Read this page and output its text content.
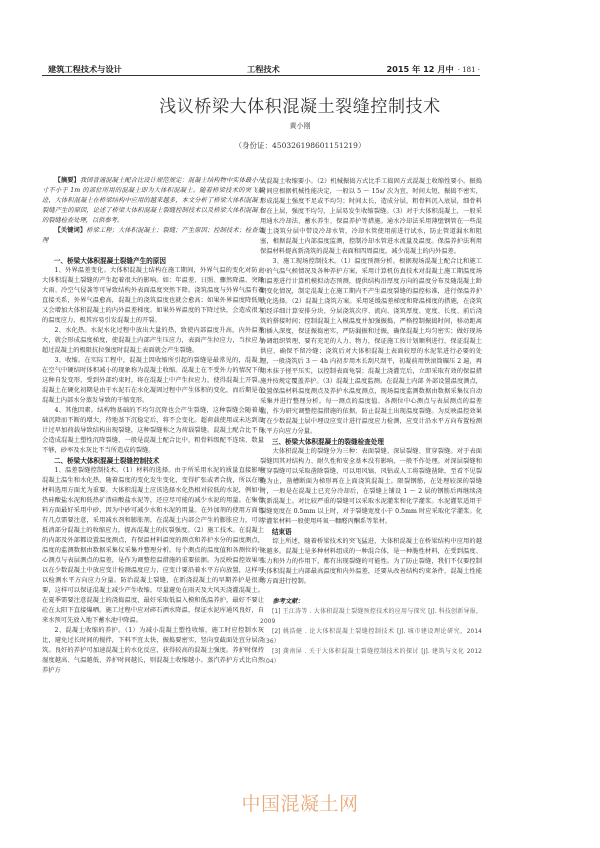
建筑工程技术与设计	工程技术	2015 年 12 月中 · 181 ·
浅议桥梁大体积混凝土裂缝控制技术
黄小刚
（身份证：450326198601151219）

【摘要】我国普通混凝土配合比设计规范规定：混凝土结构物中实体最小尺寸不小于 1m 的部位所用的混凝土即为大体积混凝土。随着桥梁技术的突飞猛进，大体积混凝土在桥梁结构中应用的越来越多，本文分析了桥梁大体积混凝土裂缝产生的原因，论述了桥梁大体积混凝土裂缝控制技术以及桥梁大体积混凝土的裂缝检查处理，以供参考。

【关键词】桥梁工程；大体积混凝土；裂缝；产生原因；控制技术；检查处理

一、桥梁大体积混凝土裂缝产生的原因

1、外界温差变化。大体积混凝土结构在施工期间，外界气温的变化对防止大体积混凝土裂缝的产生起着很大的影响。如：年温差、日照、骤然降温、突降大雨、冷空气侵袭等可导致结构外表面温度突然下降。浇筑温度与外界气温有着直接关系，外界气温愈高，混凝土的浇筑温度也就会愈高；如果外界温度降低则又会增加大体积混凝土的内外温差梯度。如果外界温度的下降过快，会造成很大的温度应力，极其容易引发混凝土的开裂。

2、水化热。水泥水化过程中放出大量的热，致使内部温度升高，内外温差大，就会形成温度梯度，使混凝土内部产生压应力，表面产生拉应力，当拉应力超过混凝土的极限抗拉强度时混凝土表面就会产生裂缝。

3、收缩。在实际工程中，混凝土因收缩所引起的裂缝是最常见的，混凝土在空气中硬结时体积减小的现象称为混凝土收缩。混凝土在不受外力的情况下的这种自发变形，受到外部约束时，将在混凝土中产生拉应力，使得混凝土开裂。混凝土在硬化初期是由于水泥石在水化凝固过程中产生体积的变化，而后期是在混凝土内部水分蒸发导致的干缩变形。

4、其他因素。结构物基础的不均匀沉降也会产生裂缝，这种裂缝会随着基础沉降而不断的增大，待地基下沉稳定后，将不会变化。超荷载使用或未达到设计过早加荷载导致结构出现裂缝，这种裂缝称之为荷载裂缝。混凝土配合比不良会造成混凝土塑性沉降裂缝，一般是混凝土配合比中，粗骨料级配不连续、数量不够，砂率及水灰比不当所造成的裂缝。

二、桥梁大体积混凝土裂缝控制技术

1、温差裂缝控制技术。（1）材料的选择。由于所采用水泥的质量直接影响混凝土温生和水化热，随着温度的变化发生变化，变得扩张或者合拢，所以在原材料选用方面尤为重要。大体积混凝土应该选择水化热相对较低的水泥，例如中热硅酸盐水泥和低热矿渣硅酸盐水泥等，还应尽可能的减少水泥的用量。在集骨料方面最好采用中砂，因为中砂可减少水和水泥的用量。在外加剂的使用方面也有几点需要注意，采用减水剂和膨胀剂，在混凝土内部会产生的膨胀应力，可以抵消部分混凝土的收缩应力，提高混凝土的抗裂强度。（2）施工技术。在混凝土的内部及外部都设置温度测点，有保温材料温度的测点和养护水分的温度测点，温度的监测数据由数据采集仪采集并整理分析。每个测点的温度值和各测位的中心测点与表层测点的温差，是作为调整控温措施的重要依据。为反映温控效果可以在少数混凝土中放应变计检测温度应力，应变计要沿着水平方向放置，这样可以检测水平方向应力分量。防治混凝土裂缝，在新浇混凝土的早期养护是很重要，这样可以保证混凝土减少产生收缩。尽量避免在雨天及大风天浇灌混凝土。在夏季需要注意混凝土的浇捣温度，最好采取低温入模和低温养护，最好不要让砼在太阳下直接爆晒。施工过程中应对碎石洒水降温，保证水泥库通风良好，自来水预可先放入地下蓄水池中降温。

2、混凝土收缩的养护。（1）为减小混凝土塑性收缩，施工时应控制水灰比，避免过长时间的搅拌，下料不宜太快，振捣要密实，竖向变截面处宜分层浇筑。良好的养护可加速混凝土的水化反应，获得较高的混凝土强度。养护时保持湿度越高、气温越低、养护时间越长，则混凝土收缩越小。蒸汽养护方式比自然养护方

式混凝土收缩要小。（2）机械振捣方式比手工捣固方式混凝土收缩性要小。振捣时间应根据机械性能决定，一般以 5 ～ 15s/ 次为宜，时间太短，振捣不密实，形成混凝土强度不足或不均匀；时间太长，造成分层，粗骨料沉入底层，细骨料留在上层，强度不均匀，上层易发生收缩裂缝。（3）对于大体积混凝土，一般采用通水冷却法、蓄水养生、保温养护等措施。通水冷却法采用薄壁钢管在一些混凝土浇筑分层中带设冷却水管，冷却水管使用前进行试水，防止管道漏水和阻塞，根据混凝土内部温度监测，控制冷却水管进水流量及温度。保温养护法利用保温材料提高新浇筑的混凝土表面和四周温度，减少混凝土的内外温差。

3、施工现场控制技术。（1）温度预测分析。根据现场混凝土配合比和施工中的气温气候情况及各种养护方案，采用计算机仿真技术对混凝土施工期温度场和温差进行计算机模拟动态预测，提供结构沿厚度方向的温度分布及随混凝土龄期变化情况，制定混凝土在施工期内不产生温度裂缝的温控标准，进行保温养护优化选择。（2）混凝土浇筑方案。采用延缓温差梯度和降温梯度的措施，在浇筑前经详细计算安排分块、分层浇筑次序、流向、浇筑厚度、宽度、长度、前后浇筑的搭接时间；控制混凝土入模温度并加强振捣，严格控制振捣时间，移动距离和插入深度，保证振捣密实，严防漏振和过振，确保混凝土均匀密实；做好现场协调组织管理，要有充足的人力、物力，保证施工按计划顺利进行，保证混凝土供应，确保不留冷缝；浇筑后对大体积混凝土表面较厚的水泥浆进行必要的处理，一般浇筑后 3 ～ 4h 内初步用木长刮尺刮平，初凝前用铁滚筒碾压 2 遍，再用木抹子搓平压实，以控制表面龟裂；混凝土浇灌完后，立即采取有效的保温措施并按规定覆盖养护。（3）混凝土温度监测。在混凝土内部 外部设置温度测点，设置保温材料温度测点及养护水温度测点，现场温度监测数据由数据采集仪自动采集并进行整理分析。每一测点的温度值、各测位中心测点与表层测点的温差值，作为研究调整控温措施的依据，防止混凝土出现温度裂缝。为反映温控效果可在少数混凝土层中埋设应变计进行温度应力检测，应变计沿水平方向布置检测水平方向应力分量。

三、桥梁大体积混凝土的裂缝检查处理

大体积混凝土的裂缝分为三种：表面裂缝、深层裂缝、贯穿裂缝。对于表面裂缝因其对结构力、耐久性和安全基本没有影响，一般不作处理。对深层裂缝和贯穿裂缝可以采取凿除裂缝，可以用风镐、风钻或人工将裂缝凿除，至看不见裂缝为止，凿槽断面为梯形再在上面浇筑混凝土。限裂钢筋，在处理较深的裂缝时，一般是在混凝土已充分冷却后，在裂缝上铺设 1 ～ 2 层的钢筋后再继续浇筑新混凝土。对比较严重的裂缝可以采取水泥灌浆和化学灌浆。水泥灌浆适用于裂缝宽度在 0.5mm 以上时，对于裂缝宽度小于 0.5mm 时应采取化学灌浆。化学灌浆材料一般使用环氧一糠醛丙酮系等浆材。

结束语

综上所述，随着桥梁技术的突飞猛进，大体积混凝土在桥梁结构中应用的越来越多。混凝土是多种材料组成的一种混合体，是一种脆性材料，在受到温度、压力和外力的作用下，都有出现裂缝的可能性。为了防止裂缝，我们不仅要控制大体积混凝土内部最高温度和内外温差，还要从改善结构约束条件，混凝土性能等方面进行控制。

参考文献：

[1] 王江涛等 . 大体积混凝土裂缝预控技术的应用与探究 [J]. 科技创新导报，2009

[2] 姚浩健 . 论大体积混凝土裂缝控制技术 [J]. 城市建设理论研究，2014（36）

[3] 龚南屏 . 关于大体积混凝土裂缝控制技术的探讨 [J]. 建筑与文化 2012（04）

中国混凝土网
